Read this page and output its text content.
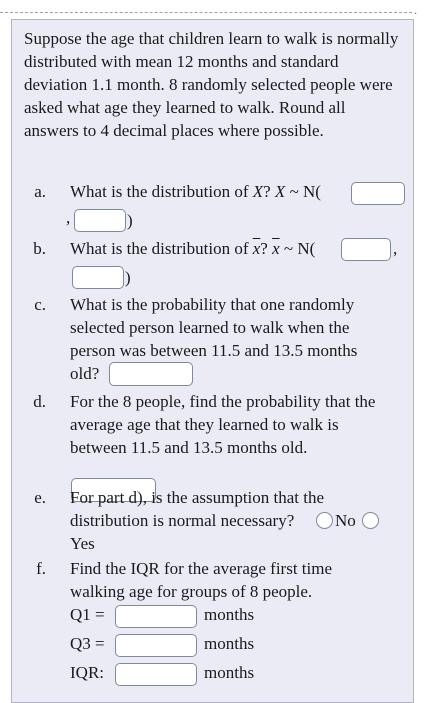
·
Suppose the age that children learn to walk is normally distributed with mean 12 months and standard deviation 1.1 month. 8 randomly selected people were asked what age they learned to walk. Round all answers to 4 decimal places where possible.
a. What is the distribution of X? X ~ N(
,	)
b. What is the distribution of $\overline{x}$? $\overline{x}$ ~ N(	,
)
c. What is the probability that one randomly
selected person learned to walk when the
person was between 11.5 and 13.5 months
old?
d. For the 8 people, find the probability that the
average age that they learned to walk is
between 11.5 and 13.5 months old.
e. For part d), is the assumption that the
distribution is normal necessary? No
Yes
f. Find the IQR for the average first time
walking age for groups of 8 people.
Q1 =	months
Q3 =	months
IQR:	months
